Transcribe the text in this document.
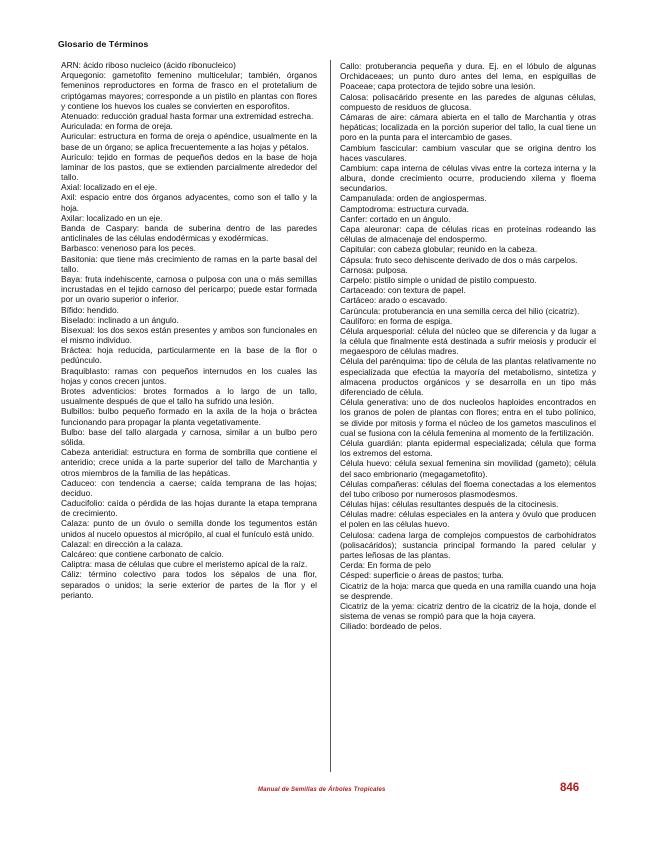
Glosario de Términos

ARN: ácido riboso nucleico (ácido ribonucleico)

Arquegonio: gametofito femenino multicelular; también, órganos femeninos reproductores en forma de frasco en el protetalium de criptógamas mayores; corresponde a un pistilo en plantas con flores y contiene los huevos los cuales se convierten en esporofitos.

Atenuado: reducción gradual hasta formar una extremidad estrecha.

Auriculada: en forma de oreja.

Auricular: estructura en forma de oreja o apéndice, usualmente en la base de un órgano; se aplica frecuentemente a las hojas y pétalos.

Aurículo: tejido en formas de pequeños dedos en la base de hoja laminar de los pastos, que se extienden parcialmente alrededor del tallo.

Axial: localizado en el eje.

Axil: espacio entre dos órganos adyacentes, como son el tallo y la hoja.

Axilar: localizado en un eje.

Banda de Caspary: banda de suberina dentro de las paredes anticlinales de las células endodérmicas y exodérmicas.

Barbasco: venenoso para los peces.

Basitonia: que tiene más crecimiento de ramas en la parte basal del tallo.

Baya: fruta indehiscente, carnosa o pulposa con una o más semillas incrustadas en el tejido carnoso del pericarpo; puede estar formada por un ovario superior o inferior.

Bífido: hendido.

Biselado: inclinado a un ángulo.

Bisexual: los dos sexos están presentes y ambos son funcionales en el mismo individuo.

Bráctea: hoja reducida, particularmente en la base de la flor o pedúnculo.

Braquiblasto: ramas con pequeños internudos en los cuales las hojas y conos crecen juntos.

Brotes adventicios: brotes formados a lo largo de un tallo, usualmente después de que el tallo ha sufrido una lesión.

Bulbillos: bulbo pequeño formado en la axila de la hoja o bráctea funcionando para propagar la planta vegetativamente.

Bulbo: base del tallo alargada y carnosa, similar a un bulbo pero sólida.

Cabeza anteridial: estructura en forma de sombrilla que contiene el anteridio; crece unida a la parte superior del tallo de Marchantia y otros miembros de la familia de las hepáticas.

Caduceo: con tendencia a caerse; caída temprana de las hojas; deciduo.

Caducifolio: caída o pérdida de las hojas durante la etapa temprana de crecimiento.

Calaza: punto de un óvulo o semilla donde los tegumentos están unidos al nucelo opuestos al micrópilo, al cual el funículo está unido.

Calazal: en dirección a la calaza.

Calcáreo: que contiene carbonato de calcio.

Caliptra: masa de células que cubre el meristemo apical de la raíz.

Cáliz: término colectivo para todos los sépalos de una flor, separados o unidos; la serie exterior de partes de la flor y el perianto.

Callo: protuberancia pequeña y dura. Ej. en el lóbulo de algunas Orchidaceaes; un punto duro antes del lema, en espiguillas de Poaceae; capa protectora de tejido sobre una lesión.

Calosa: polisacárido presente en las paredes de algunas células, compuesto de residuos de glucosa.

Cámaras de aire: cámara abierta en el tallo de Marchantia y otras hepáticas; localizada en la porción superior del tallo, la cual tiene un poro en la punta para el intercambio de gases.

Cambium fascicular: cambium vascular que se origina dentro los haces vasculares.

Cambium: capa interna de células vivas entre la corteza interna y la albura, donde crecimiento ocurre, produciendo xilema y floema secundarios.

Campanulada: orden de angiospermas.

Camptodroma: estructura curvada.

Canfer: cortado en un ángulo.

Capa aleuronar: capa de células ricas en proteínas rodeando las células de almacenaje del endospermo.

Capitular: con cabeza globular; reunido en la cabeza.

Cápsula: fruto seco dehiscente derivado de dos o más carpelos.

Carnosa: pulposa.

Carpelo: pistilo simple o unidad de pistilo compuesto.

Cartaceado: con textura de papel.

Cartáceo: arado o escavado.

Carúncula: protuberancia en una semilla cerca del hilio (cicatriz).

Caulíforo: en forma de espiga.

Célula arquesporial: célula del núcleo que se diferencia y da lugar a la célula que finalmente está destinada a sufrir meiosis y producir el megaesporo de células madres.

Célula del parénquima: tipo de célula de las plantas relativamente no especializada que efectúa la mayoría del metabolismo, sintetiza y almacena productos orgánicos y se desarrolla en un tipo más diferenciado de célula.

Célula generativa: uno de dos nucleolos haploides encontrados en los granos de polen de plantas con flores; entra en el tubo polínico, se divide por mitosis y forma el núcleo de los gametos masculinos el cual se fusiona con la célula femenina al momento de la fertilización.

Célula guardián: planta epidermal especializada; célula que forma los extremos del estoma.

Célula huevo: célula sexual femenina sin movilidad (gameto); célula del saco embrionario (megagametofito).

Células compañeras: células del floema conectadas a los elementos del tubo criboso por numerosos plasmodesmos.

Células hijas: células resultantes después de la citocinesis.

Células madre: células especiales en la antera y óvulo que producen el polen en las células huevo.

Celulosa: cadena larga de complejos compuestos de carbohidratos (polisacáridos); sustancia principal formando la pared celular y partes leñosas de las plantas.

Cerda: En forma de pelo

Césped: superficie o áreas de pastos; turba.

Cicatriz de la hoja: marca que queda en una ramilla cuando una hoja se desprende.

Cicatriz de la yema: cicatriz dentro de la cicatriz de la hoja, donde el sistema de venas se rompió para que la hoja cayera.

Ciliado: bordeado de pelos.

Manual de Semillas de Árboles Tropicales	846
